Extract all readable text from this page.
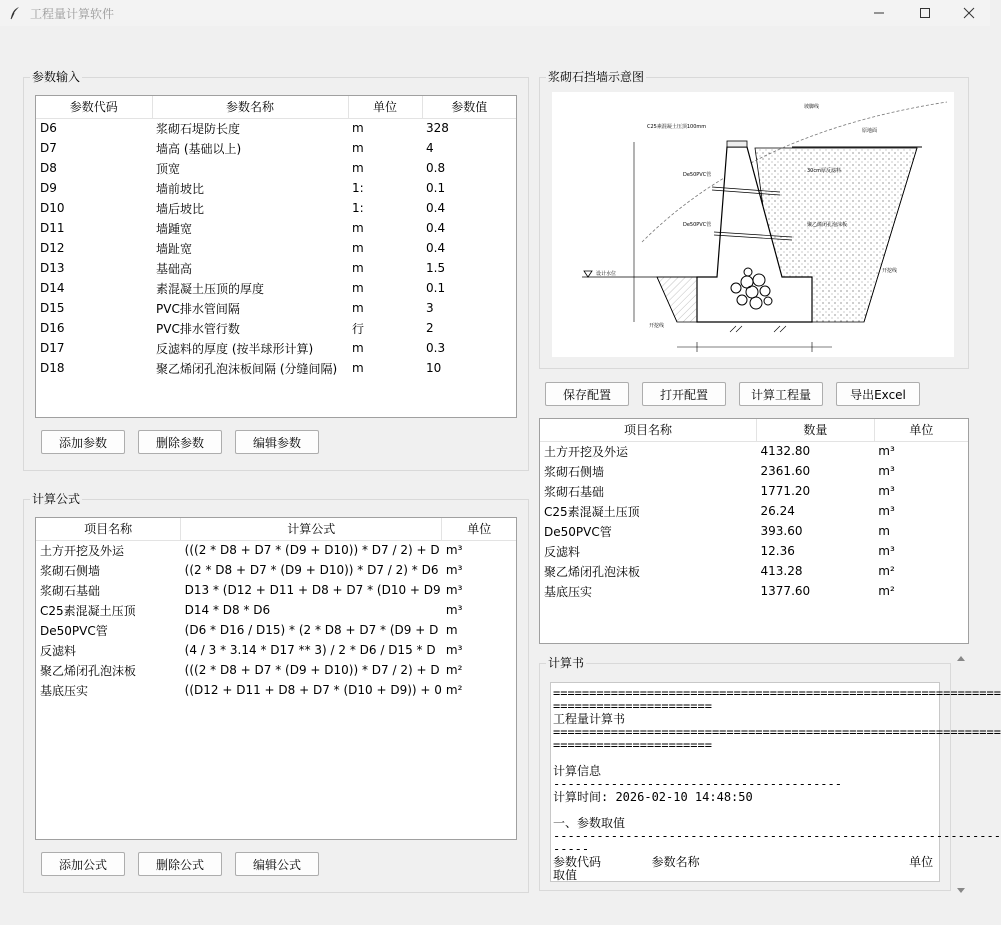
工程量计算软件
参数输入
参数代码	参数名称	单位	参数值
D6	浆砌石堤防长度	m	328
D7	墙高 (基础以上)	m	4
D8	顶宽	m	0.8
D9	墙前坡比	1:	0.1
D10	墙后坡比	1:	0.4
D11	墙踵宽	m	0.4
D12	墙趾宽	m	0.4
D13	基础高	m	1.5
D14	素混凝土压顶的厚度	m	0.1
D15	PVC排水管间隔	m	3
D16	PVC排水管行数	行	2
D17	反滤料的厚度 (按半球形计算)	m	0.3
D18	聚乙烯闭孔泡沫板间隔 (分缝间隔)	m	10
添加参数	删除参数	编辑参数
计算公式
项目名称	计算公式	单位
土方开挖及外运	(((2 * D8 + D7 * (D9 + D10)) * D7 / 2) + D	m³
浆砌石侧墙	((2 * D8 + D7 * (D9 + D10)) * D7 / 2) * D6	m³
浆砌石基础	D13 * (D12 + D11 + D8 + D7 * (D10 + D9	m³
C25素混凝土压顶	D14 * D8 * D6	m³
De50PVC管	(D6 * D16 / D15) * (2 * D8 + D7 * (D9 + D	m
反滤料	(4 / 3 * 3.14 * D17 ** 3) / 2 * D6 / D15 * D	m³
聚乙烯闭孔泡沫板	(((2 * D8 + D7 * (D9 + D10)) * D7 / 2) + D	m²
基底压实	((D12 + D11 + D8 + D7 * (D10 + D9)) + 0	m²
添加公式	删除公式	编辑公式
浆砌石挡墙示意图
C25素混凝土压顶100mm
De50PVC管
De50PVC管
30cm厚反滤料
聚乙烯闭孔泡沫板
坡脚线
原地面
设计水位	开挖线
开挖线
保存配置	打开配置	计算工程量	导出Excel
项目名称	数量	单位
土方开挖及外运	4132.80	m³
浆砌石侧墙	2361.60	m³
浆砌石基础	1771.20	m³
C25素混凝土压顶	26.24	m³
De50PVC管	393.60	m
反滤料	12.36	m³
聚乙烯闭孔泡沫板	413.28	m²
基底压实	1377.60	m²
计算书
==============================================================
======================
工程量计算书
==============================================================
======================

计算信息
----------------------------------------
计算时间: 2026-02-10 14:48:50

一、参数取值
--------------------------------------------------------------
-----
参数代码       参数名称                             单位
取值
